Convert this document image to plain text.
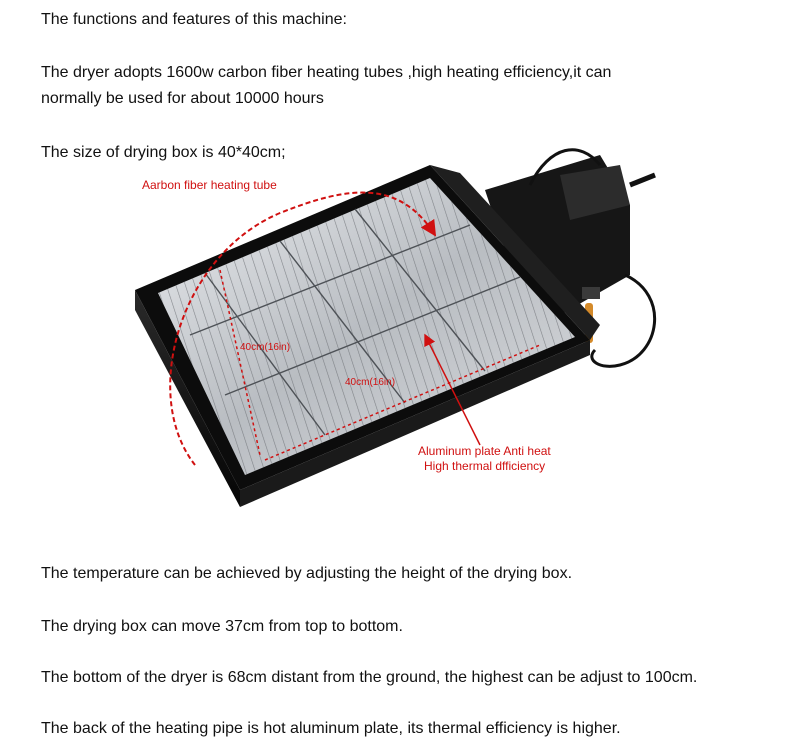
The functions and features of this machine:
The dryer adopts 1600w carbon fiber heating tubes ,high heating efficiency,it can
normally be used for about 10000 hours
The size of drying box is 40*40cm;
Aarbon fiber heating tube
40cm(16in)
40cm(16in)
Aluminum plate Anti heat
High thermal dfficiency
The temperature can be achieved by adjusting the height of the drying box.
The drying box can move 37cm from top to bottom.
The bottom of the dryer is 68cm distant from the ground, the highest can be adjust to 100cm.
The back of the heating pipe is hot aluminum plate, its thermal efficiency is higher.
